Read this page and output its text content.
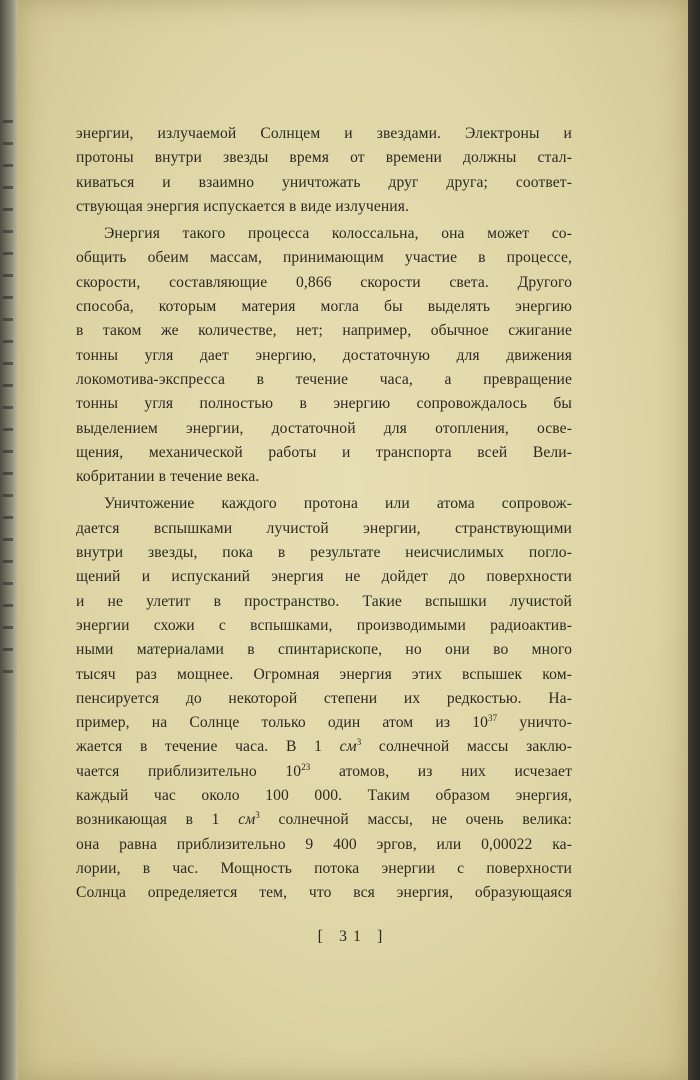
энергии, излучаемой Солнцем и звездами. Электроны и
протоны внутри звезды время от времени должны стал-
киваться и взаимно уничтожать друг друга; соответ-
ствующая энергия испускается в виде излучения.
Энергия такого процесса колоссальна, она может со-
общить обеим массам, принимающим участие в процессе,
скорости, составляющие 0,866 скорости света. Другого
способа, которым материя могла бы выделять энергию
в таком же количестве, нет; например, обычное сжигание
тонны угля дает энергию, достаточную для движения
локомотива-экспресса в течение часа, а превращение
тонны угля полностью в энергию сопровождалось бы
выделением энергии, достаточной для отопления, осве-
щения, механической работы и транспорта всей Вели-
кобритании в течение века.
Уничтожение каждого протона или атома сопровож-
дается вспышками лучистой энергии, странствующими
внутри звезды, пока в результате неисчислимых погло-
щений и испусканий энергия не дойдет до поверхности
и не улетит в пространство. Такие вспышки лучистой
энергии схожи с вспышками, производимыми радиоактив-
ными материалами в спинтарископе, но они во много
тысяч раз мощнее. Огромная энергия этих вспышек ком-
пенсируется до некоторой степени их редкостью. На-
пример, на Солнце только один атом из $10^{37}$ уничто-
жается в течение часа. В 1 $см^3$ солнечной массы заклю-
чается приблизительно $10^{23}$ атомов, из них исчезает
каждый час около 100 000. Таким образом энергия,
возникающая в 1 $см^3$ солнечной массы, не очень велика:
она равна приблизительно 9 400 эргов, или 0,00022 ка-
лории, в час. Мощность потока энергии с поверхности
Солнца определяется тем, что вся энергия, образующаяся
[ 31 ]
